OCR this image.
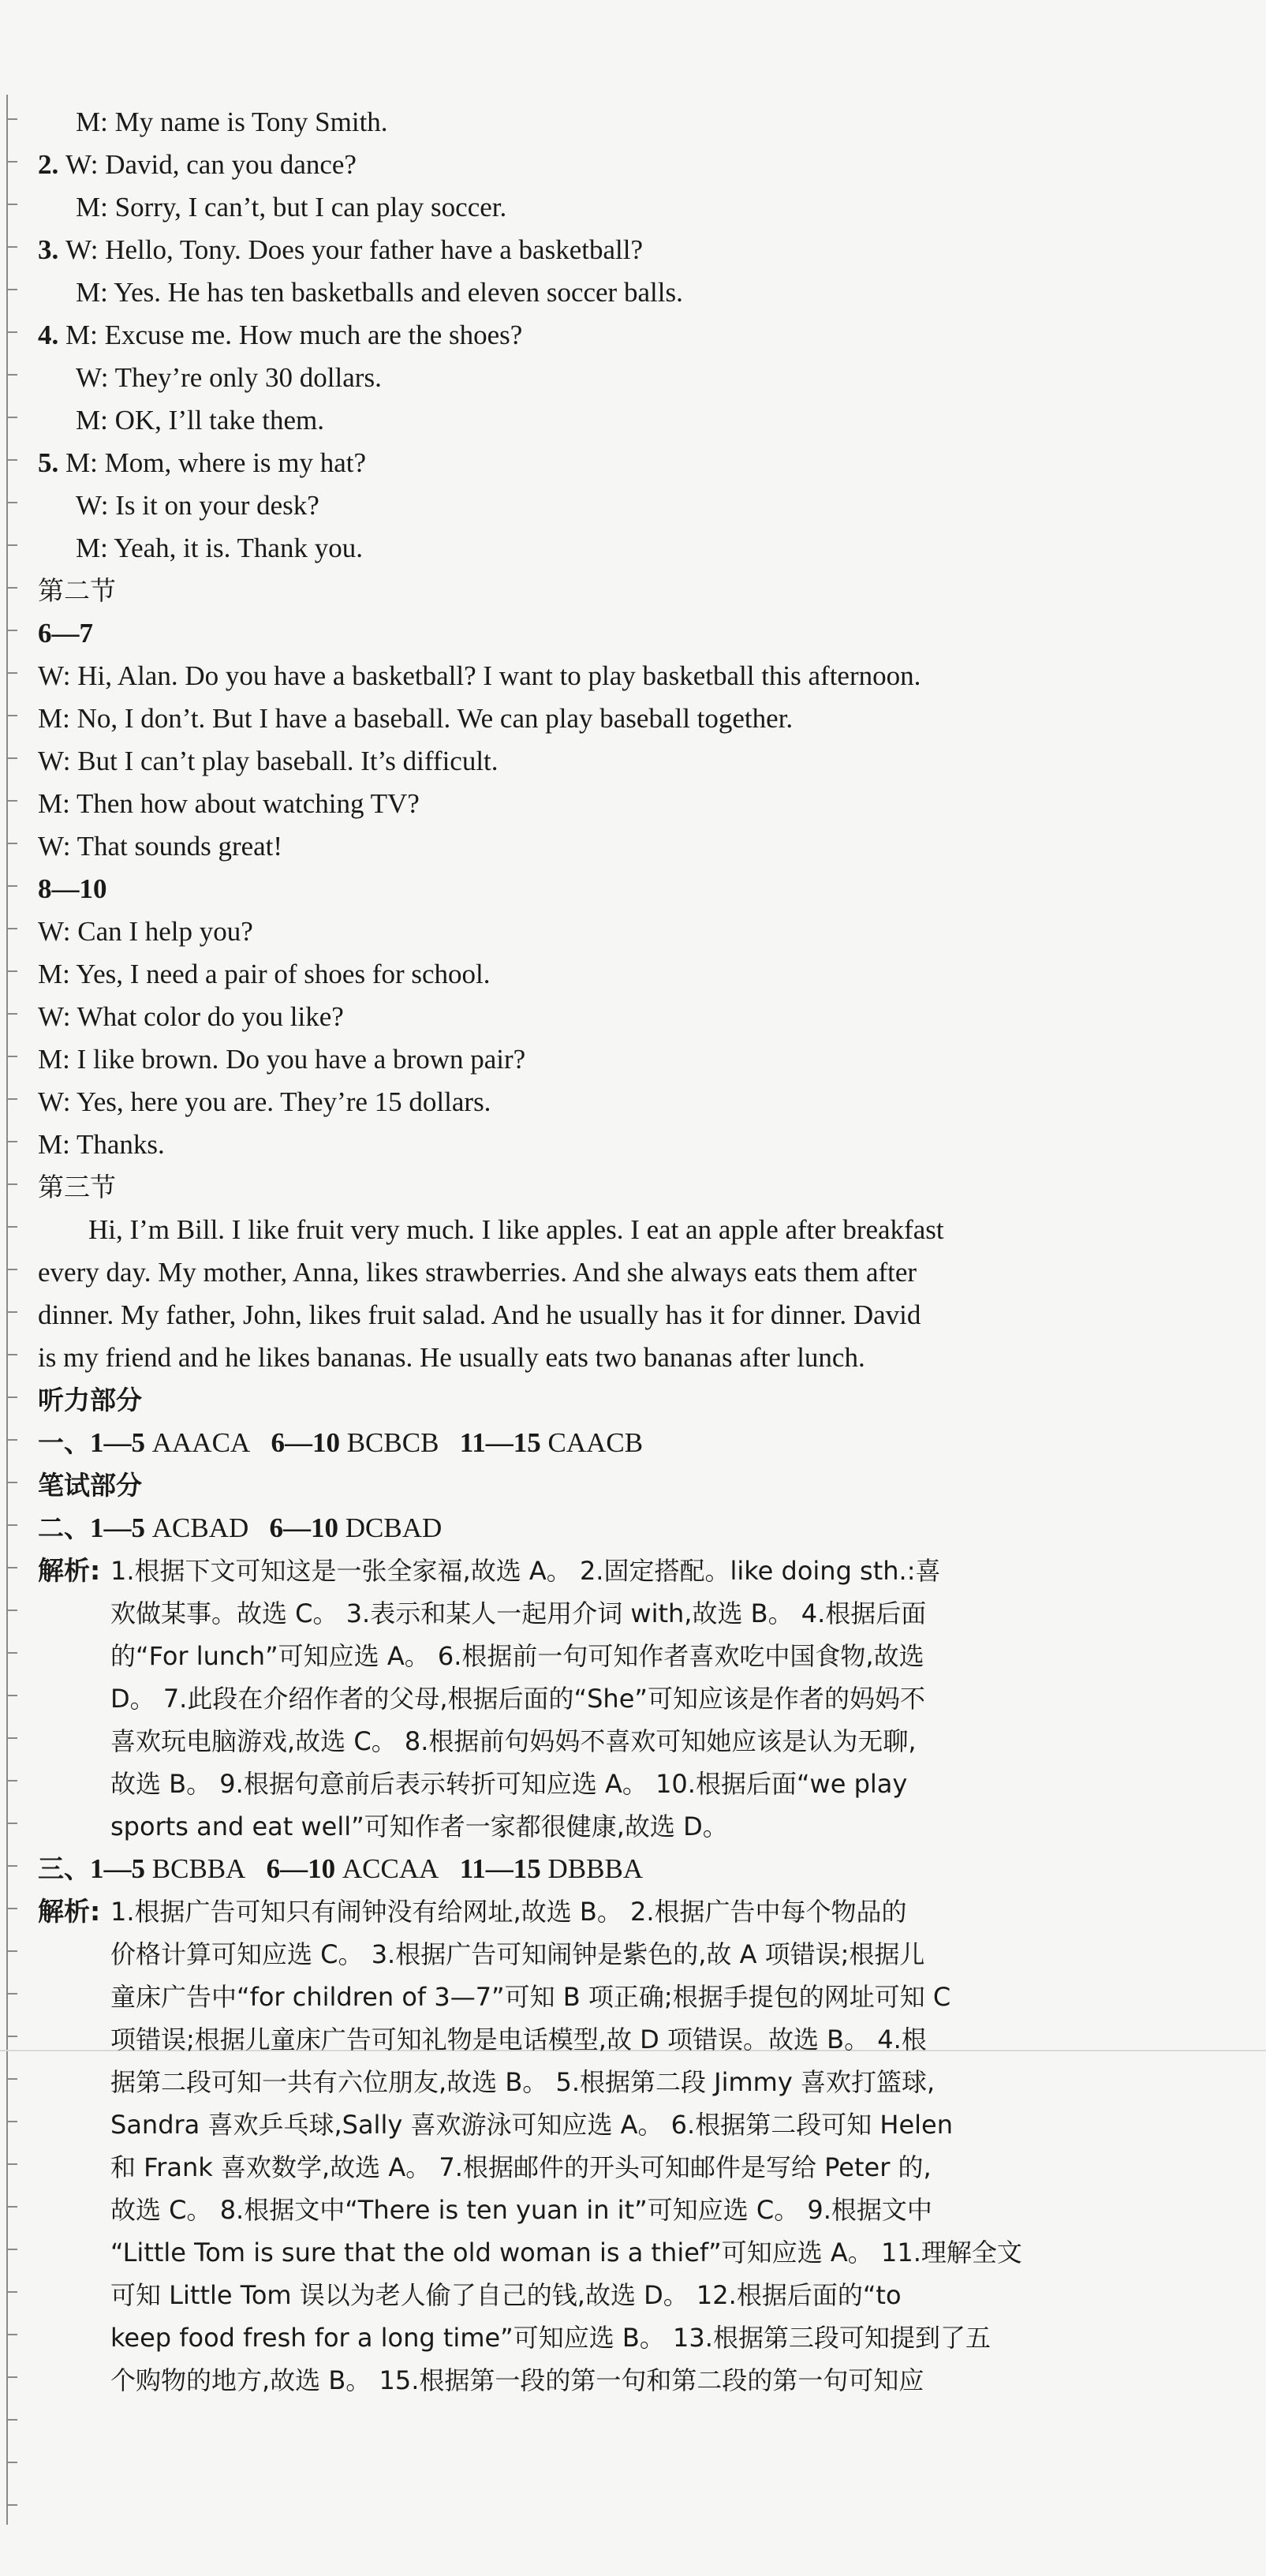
M: My name is Tony Smith.
2. W: David, can you dance?
M: Sorry, I can’t, but I can play soccer.
3. W: Hello, Tony. Does your father have a basketball?
M: Yes. He has ten basketballs and eleven soccer balls.
4. M: Excuse me. How much are the shoes?
W: They’re only 30 dollars.
M: OK, I’ll take them.
5. M: Mom, where is my hat?
W: Is it on your desk?
M: Yeah, it is. Thank you.
第二节
6—7
W: Hi, Alan. Do you have a basketball? I want to play basketball this afternoon.
M: No, I don’t. But I have a baseball. We can play baseball together.
W: But I can’t play baseball. It’s difficult.
M: Then how about watching TV?
W: That sounds great!
8—10
W: Can I help you?
M: Yes, I need a pair of shoes for school.
W: What color do you like?
M: I like brown. Do you have a brown pair?
W: Yes, here you are. They’re 15 dollars.
M: Thanks.
第三节

Hi, I’m Bill. I like fruit very much. I like apples. I eat an apple after breakfast

every day. My mother, Anna, likes strawberries. And she always eats them after

dinner. My father, John, likes fruit salad. And he usually has it for dinner. David

is my friend and he likes bananas. He usually eats two bananas after lunch.

听力部分
一、1—5 AAACA 6—10 BCBCB 11—15 CAACB
笔试部分
二、1—5 ACBAD 6—10 DCBAD
解析: 1.根据下文可知这是一张全家福,故选 A。 2.固定搭配。like doing sth.:喜

欢做某事。故选 C。 3.表示和某人一起用介词 with,故选 B。 4.根据后面

的“For lunch”可知应选 A。 6.根据前一句可知作者喜欢吃中国食物,故选

D。 7.此段在介绍作者的父母,根据后面的“She”可知应该是作者的妈妈不

喜欢玩电脑游戏,故选 C。 8.根据前句妈妈不喜欢可知她应该是认为无聊,

故选 B。 9.根据句意前后表示转折可知应选 A。 10.根据后面“we play

sports and eat well”可知作者一家都很健康,故选 D。

三、1—5 BCBBA 6—10 ACCAA 11—15 DBBBA
解析: 1.根据广告可知只有闹钟没有给网址,故选 B。 2.根据广告中每个物品的

价格计算可知应选 C。 3.根据广告可知闹钟是紫色的,故 A 项错误;根据儿

童床广告中“for children of 3—7”可知 B 项正确;根据手提包的网址可知 C

项错误;根据儿童床广告可知礼物是电话模型,故 D 项错误。故选 B。 4.根

据第二段可知一共有六位朋友,故选 B。 5.根据第二段 Jimmy 喜欢打篮球,

Sandra 喜欢乒乓球,Sally 喜欢游泳可知应选 A。 6.根据第二段可知 Helen

和 Frank 喜欢数学,故选 A。 7.根据邮件的开头可知邮件是写给 Peter 的,

故选 C。 8.根据文中“There is ten yuan in it”可知应选 C。 9.根据文中

“Little Tom is sure that the old woman is a thief”可知应选 A。 11.理解全文

可知 Little Tom 误以为老人偷了自己的钱,故选 D。 12.根据后面的“to

keep food fresh for a long time”可知应选 B。 13.根据第三段可知提到了五

个购物的地方,故选 B。 15.根据第一段的第一句和第二段的第一句可知应
